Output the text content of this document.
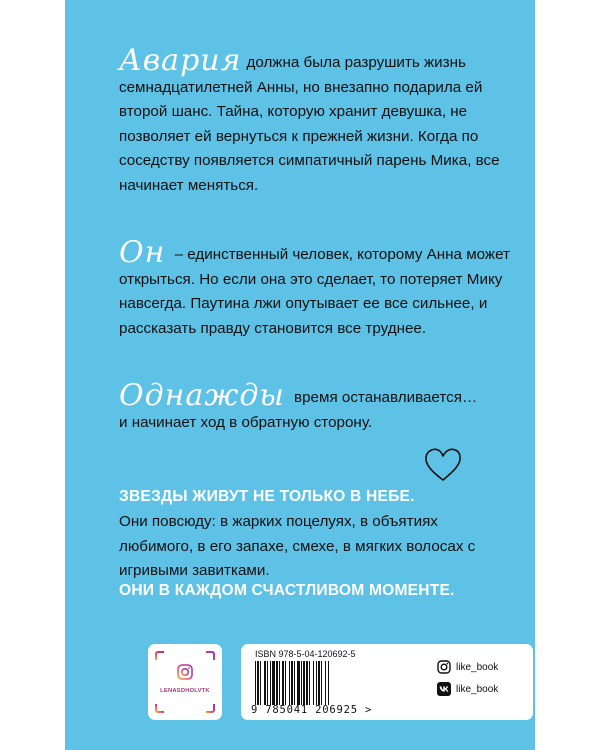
Авария должна была разрушить жизнь семнадцатилетней Анны, но внезапно подарила ей второй шанс. Тайна, которую хранит девушка, не позволяет ей вернуться к прежней жизни. Когда по соседству появляется симпатичный парень Мика, все начинает меняться.

Он – единственный человек, которому Анна может открыться. Но если она это сделает, то потеряет Мику навсегда. Паутина лжи опутывает ее все сильнее, и рассказать правду становится все труднее.

Однажды время останавливается… и начинает ход в обратную сторону.

ЗВЕЗДЫ ЖИВУТ НЕ ТОЛЬКО В НЕБЕ.

Они повсюду: в жарких поцелуях, в объятиях любимого, в его запахе, смехе, в мягких волосах с игривыми завитками.

ОНИ В КАЖДОМ СЧАСТЛИВОМ МОМЕНТЕ.

LENASDHOLVTK
ISBN 978-5-04-120692-5
9 785041 206925 >
like_book
like_book
